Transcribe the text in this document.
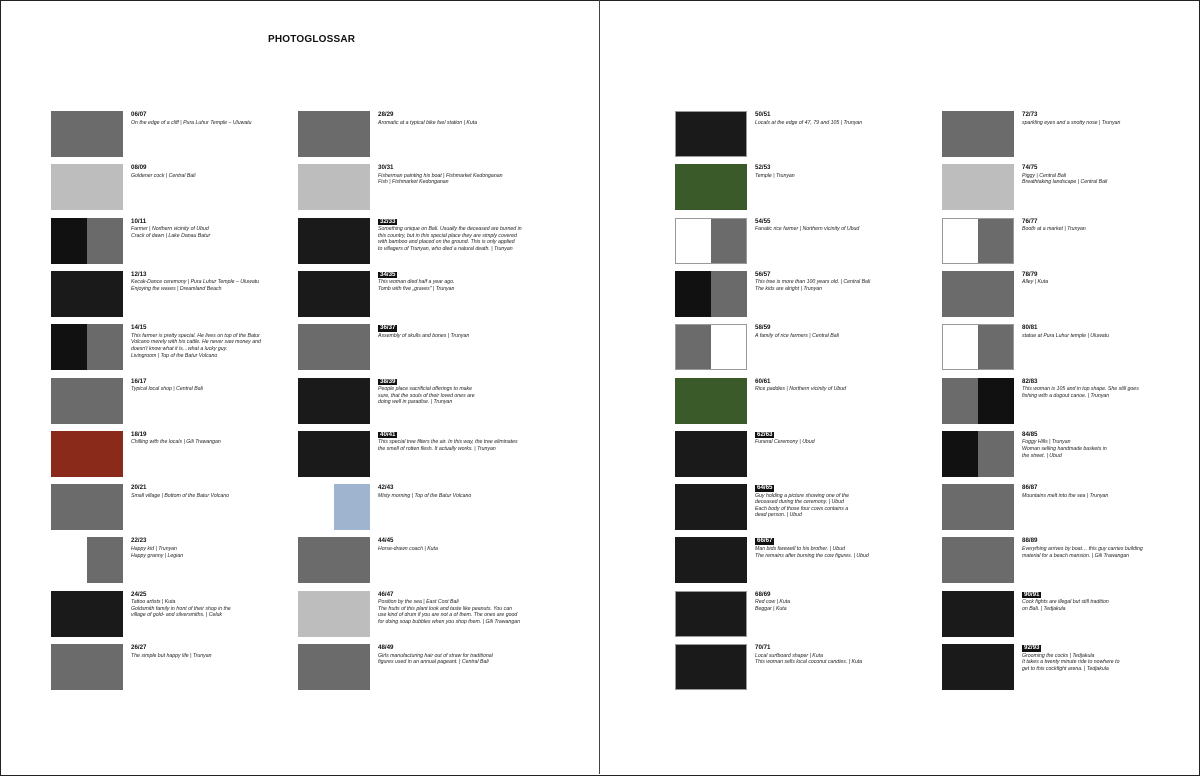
PHOTOGLOSSAR
06/07
On the edge of a cliff | Pura Luhur Temple – Uluwatu
08/09
Goldener cock | Central Bali
10/11
Farmer | Northern vicinity of Ubud
Crack of dawn | Lake Danau Batur
12/13
Kecak-Dance ceremony | Pura Luhur Temple – Uluwatu
Enjoying the waves | Dreamland Beach
14/15
This farmer is pretty special. He lives on top of the Batur
Volcano merely with his cattle. He never saw money and
doesn't know what it is…what a lucky guy.
Livingroom | Top of the Batur Volcano
16/17
Typical local shop | Central Bali
18/19
Chilling with the locals | Gili Trawangan
20/21
Small village | Bottom of the Batur Volcano
22/23
Happy kid | Trunyan
Happy granny | Legian
24/25
Tattoo artists | Kuta
Goldsmith family in front of their shop in the
village of gold- and silversmiths. | Celuk
26/27
The simple but happy life | Trunyan
28/29
Aromatic at a typical bike fuel station | Kuta
30/31
Fisherman painting his boat | Fishmarket Kedonganan
Fish | Fishmarket Kedonganan
32/33
Something unique on Bali. Usually the deceased are burned in
this country, but in this special place they are simply covered
with bamboo and placed on the ground. This is only applied
to villagers of Trunyan, who died a natural death. | Trunyan
34/35
This woman died half a year ago.
Tomb with five „graves" | Trunyan
36/37
Assembly of skulls and bones | Trunyan
38/39
People place sacrificial offerings to make
sure, that the souls of their loved ones are
doing well in paradise. | Trunyan
40/41
This special tree filters the air. In this way, the tree eliminates
the smell of rotten flesh. It actually works. | Trunyan
42/43
Misty morning | Top of the Batur Volcano
44/45
Horse-drawn coach | Kuta
46/47
Position by the sea | East Cost Bali
The fruits of this plant look and taste like peanuts. You can
use kind of drum if you are not a of them. The ones are good
for doing soap bubbles when you shop them. | Gili Trawangan
48/49
Girls manufacturing hair out of straw for traditional
figures used in an annual pageant. | Central Bali
50/51
Locals at the edge of 47, 79 and 105 | Trunyan
52/53
Temple | Trunyan
54/55
Fanatic rice farmer | Northern vicinity of Ubud
56/57
This tree is more than 100 years old. | Central Bali
The kids are alright | Trunyan
58/59
A family of rice farmers | Central Bali
60/61
Rice paddies | Northern vicinity of Ubud
62/63
Funeral Ceremony | Ubud
64/65
Guy holding a picture showing one of the
deceased during the ceremony. | Ubud
Each body of those four cows contains a
dead person. | Ubud
66/67
Man bids farewell to his brother. | Ubud
The remains after burning the cow figures. | Ubud
68/69
Red cow | Kuta
Beggar | Kuta
70/71
Local surfboard shaper | Kuta
This woman sells local coconut candies. | Kuta
72/73
sparkling eyes and a snotty nose | Trunyan
74/75
Piggy | Central Bali
Breathtaking landscape | Central Bali
76/77
Booth at a market | Trunyan
78/79
Alley | Kuta
80/81
statue at Pura Luhur temple | Uluwatu
82/83
This woman is 105 and in top shape. She still goes
fishing with a dugout canoe. | Trunyan
84/85
Foggy Hills | Trunyan
Woman selling handmade baskets in
the street. | Ubud
86/87
Mountains melt into the sea | Trunyan
88/89
Everything arrives by boat… this guy carries building
material for a beach mansion. | Gili Trawangan
90/91
Cock fights are illegal but still tradition
on Bali. | Tedjakula
92/93
Grooming the cocks | Tedjakula
It takes a twenty minute ride to nowhere to
get to this cockfight arena. | Tedjakula
